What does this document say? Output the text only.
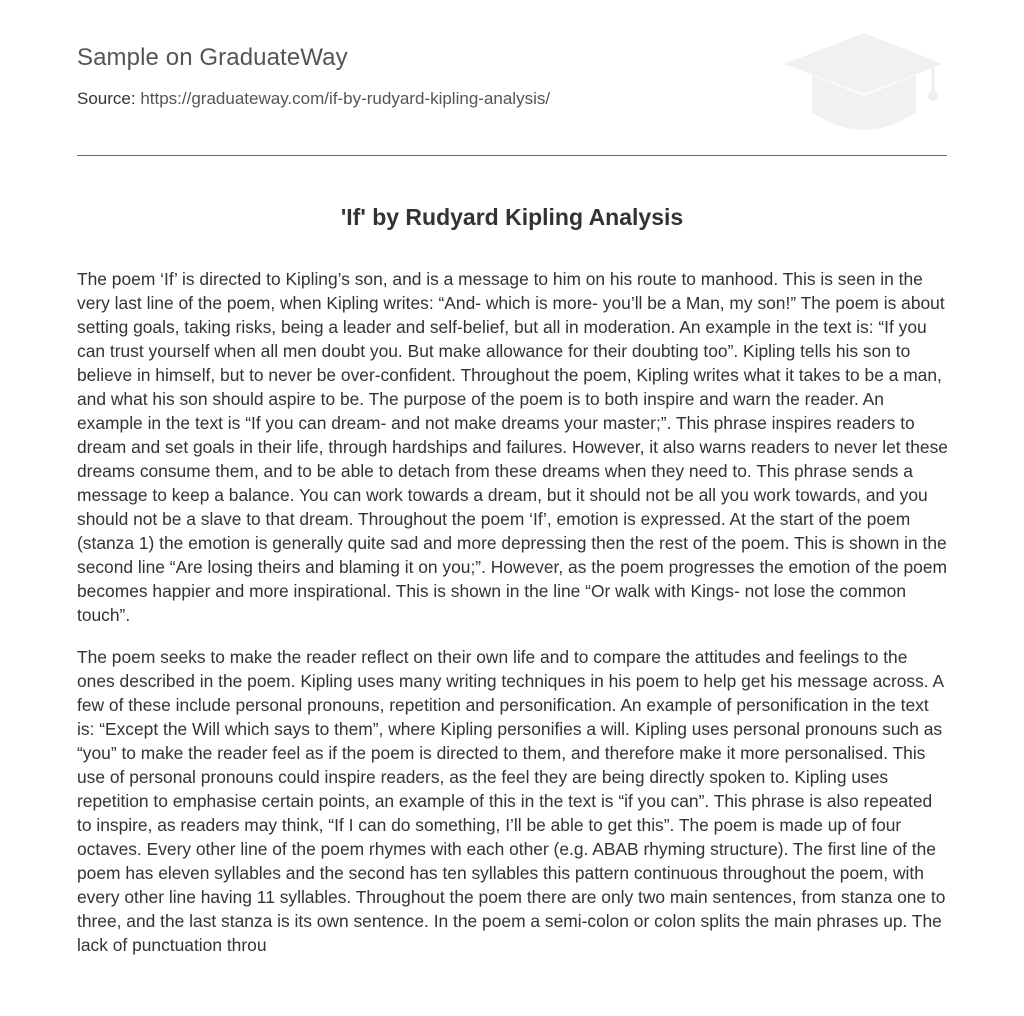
Sample on GraduateWay
Source: https://graduateway.com/if-by-rudyard-kipling-analysis/
'If' by Rudyard Kipling Analysis

The poem ‘If’ is directed to Kipling’s son, and is a message to him on his route to manhood. This is seen in the very last line of the poem, when Kipling writes: “And- which is more- you’ll be a Man, my son!” The poem is about setting goals, taking risks, being a leader and self-belief, but all in moderation. An example in the text is: “If you can trust yourself when all men doubt you. But make allowance for their doubting too”. Kipling tells his son to believe in himself, but to never be over-confident. Throughout the poem, Kipling writes what it takes to be a man, and what his son should aspire to be. The purpose of the poem is to both inspire and warn the reader. An example in the text is “If you can dream- and not make dreams your master;”. This phrase inspires readers to dream and set goals in their life, through hardships and failures. However, it also warns readers to never let these dreams consume them, and to be able to detach from these dreams when they need to. This phrase sends a message to keep a balance. You can work towards a dream, but it should not be all you work towards, and you should not be a slave to that dream. Throughout the poem ‘If’, emotion is expressed. At the start of the poem (stanza 1) the emotion is generally quite sad and more depressing then the rest of the poem. This is shown in the second line “Are losing theirs and blaming it on you;”. However, as the poem progresses the emotion of the poem becomes happier and more inspirational. This is shown in the line “Or walk with Kings- not lose the common touch”.

The poem seeks to make the reader reflect on their own life and to compare the attitudes and feelings to the ones described in the poem. Kipling uses many writing techniques in his poem to help get his message across. A few of these include personal pronouns, repetition and personification. An example of personification in the text is: “Except the Will which says to them”, where Kipling personifies a will. Kipling uses personal pronouns such as “you” to make the reader feel as if the poem is directed to them, and therefore make it more personalised. This use of personal pronouns could inspire readers, as the feel they are being directly spoken to. Kipling uses repetition to emphasise certain points, an example of this in the text is “if you can”. This phrase is also repeated to inspire, as readers may think, “If I can do something, I’ll be able to get this”. The poem is made up of four octaves. Every other line of the poem rhymes with each other (e.g. ABAB rhyming structure). The first line of the poem has eleven syllables and the second has ten syllables this pattern continuous throughout the poem, with every other line having 11 syllables. Throughout the poem there are only two main sentences, from stanza one to three, and the last stanza is its own sentence. In the poem a semi-colon or colon splits the main phrases up. The lack of punctuation throu
